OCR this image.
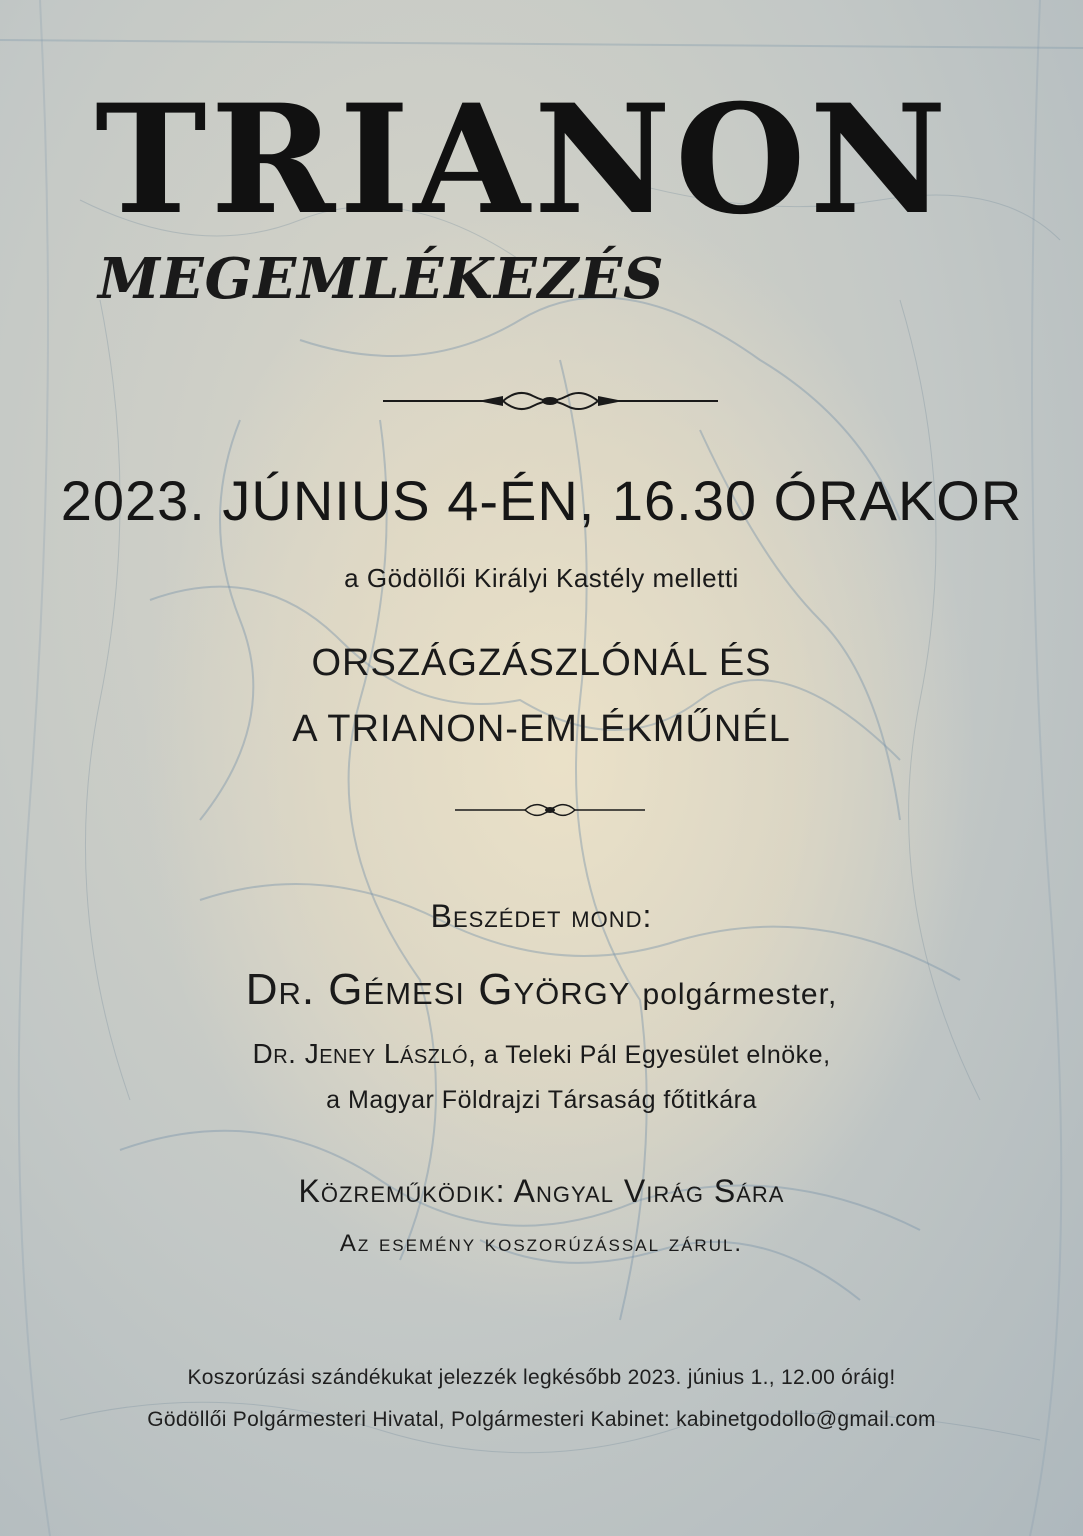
TRIANON
MEGEMLÉKEZÉS
2023. JÚNIUS 4-ÉN, 16.30 ÓRAKOR
a Gödöllői Királyi Kastély melletti
ORSZÁGZÁSZLÓNÁL ÉS
A TRIANON-EMLÉKMŰNÉL
Beszédet mond:
Dr. Gémesi György polgármester,
Dr. Jeney László, a Teleki Pál Egyesület elnöke,
a Magyar Földrajzi Társaság főtitkára
Közreműködik: Angyal Virág Sára
Az esemény koszorúzással zárul.
Koszorúzási szándékukat jelezzék legkésőbb 2023. június 1., 12.00 óráig!
Gödöllői Polgármesteri Hivatal, Polgármesteri Kabinet: kabinetgodollo@gmail.com
